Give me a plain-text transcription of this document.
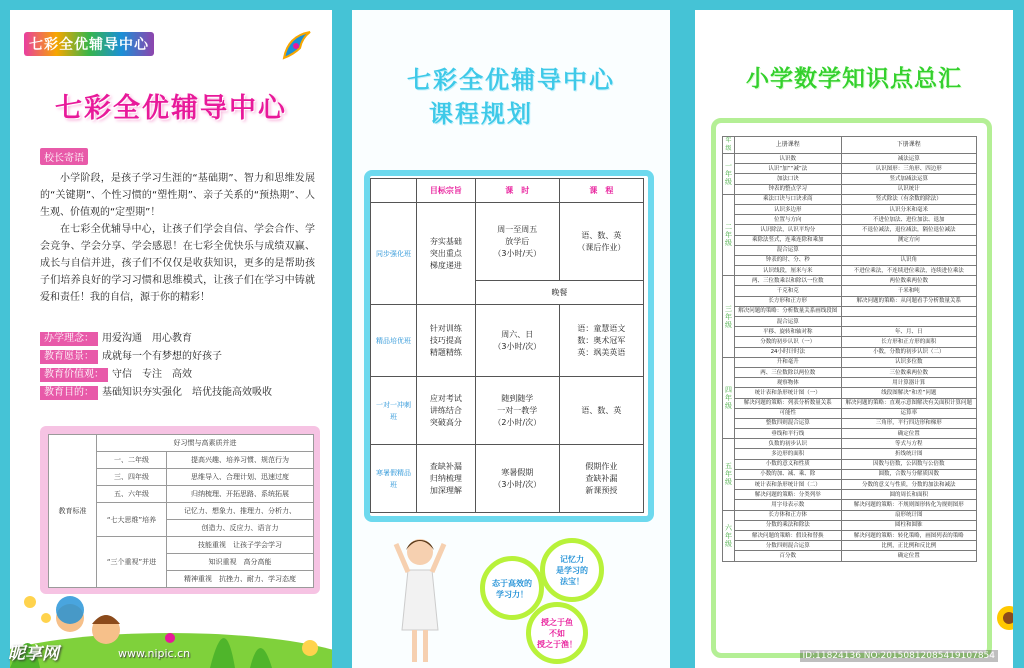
七彩全优辅导中心
七彩全优辅导中心
校长寄语

小学阶段，是孩子学习生涯的“基础期”、智力和思维发展的“关键期”、个性习惯的“塑性期”、亲子关系的“预热期”、人生观、价值观的“定型期”！

在七彩全优辅导中心，让孩子们学会自信、学会合作、学会竞争、学会分享、学会感恩！在七彩全优快乐与成绩双赢、成长与自信并进，孩子们不仅仅是收获知识，更多的是帮助孩子们培养良好的学习习惯和思维模式，让孩子们在学习中铸就爱和责任！我的自信，源于你的精彩！

办学理念： 用爱沟通　用心教育
教育愿景： 成就每一个有梦想的好孩子
教育价值观： 守信　专注　高效
教育目的： 基础知识夯实强化　培优技能高效吸收
教育标准	好习惯与高素质并进	
	一、二年级	提高兴趣、培养习惯、规范行为
	三、四年级	思维导入、合理计划、迅速过度
	五、六年级	归纳梳理、开拓思路、系统拓展
	“七大思维”培养	记忆力、想象力、推理力、分析力、
		创造力、反应力、语言力
	“三个重视”并进	技能重视　 让孩子学会学习
		知识重视　 高分高能
		精神重视　 抗挫力、耐力、学习态度
七彩全优辅导中心
课程规划
	目标宗旨	课　时	课　程
同步强化班	夯实基础
突出重点
梯度递进	周一至周五
放学后
（3小时/天）	语、数、英
（课后作业）
		晚餐	
精品培优班	针对训练
技巧提高
精题精练	周六、日
（3小时/次）	语：童慧语文
数：奥术冠军
英：飒美英语
一对一冲刺班	应对考试
讲练结合
突破高分	随到随学
一对一教学
（2小时/次）	语、数、英
寒暑假精品班	查缺补漏
归纳梳理
加深理解	寒暑假期
（3小时/次）	假期作业
查缺补漏
新课预授
记忆力
是学习的
法宝！
态于高效的
学习力！
授之于鱼
不如
授之于渔！
小学数学知识点总汇
年级	上册课程	下册课程
一年级	认识数	减法运算
	认识“加”“减”法	认识图形：三角形、四边形
	加法口诀	竖式加减法运算
	钟表的整点学习	认识统计
二年级	乘法口诀与口诀求商	竖式除法（有余数的除法）
	认识多边形	认识分米和毫米
	位置与方向	不进位加法、进位加法、退加
	认识除法，认识平均分	不退位减法，退位减法，隔位退位减法
	乘除法竖式，连乘连除和乘加	测定方向
	混合运算	
	钟表的时、分、秒	认识角
	认识线段，厘米与米	不进位乘法，不连续进位乘法，连续进位乘法
三年级	两、三位数乘以和除以一位数	两位数乘两位数
	千克和克	千米和吨
	长方形和正方形	解决问题的策略：从问题看手分析数量关系
	解决问题的策略：分析数量关系画线段图	
	混合运算	
	平移、旋转和轴对称	年、月、日
	分数的初步认识（一）	长方形和正方形的面积
	24小时计时法	小数，分数的初步认识（二）
四年级	升和毫升	认识多位数
	两、三位数除以两位数	三位数乘两位数
	观察物体	用计算器计算
	统计表和条形统计图（一）	线段图解决“和差”问题
	解决问题的策略：列表分析数量关系	解决问题的策略：直观示意图解决有关面积计算问题
	可能性	运算率
	整数四则混合运算	三角形，平行四边形和梯形
	垂线和平行线	确定位置
五年级	负数的初步认识	等式与方程
	多边形的面积	折线统计图
	小数的意义和性质	因数与倍数，公因数与公倍数
	小数的加、减、乘、除	圆数，合数与分解质因数
	统计表和条形统计图（二）	分数的意义与性质，分数的加法和减法
	解决问题的策略：分类列举	圆的周长和面积
	用字母表示数	解决问题的策略：不规则图形转化为规则图形
六年级	长方体和正方体	扇形统计图
	分数的乘法和除法	圆柱和圆锥
	解决问题的策略：假设和替换	解决问题的策略：转化策略，画图列表的策略
	分数四则混合运算	比例，正比例和反比例
	百分数	确定位置
昵享网	www.nipic.cn	ID:11824136 NO:20150812085419107854
